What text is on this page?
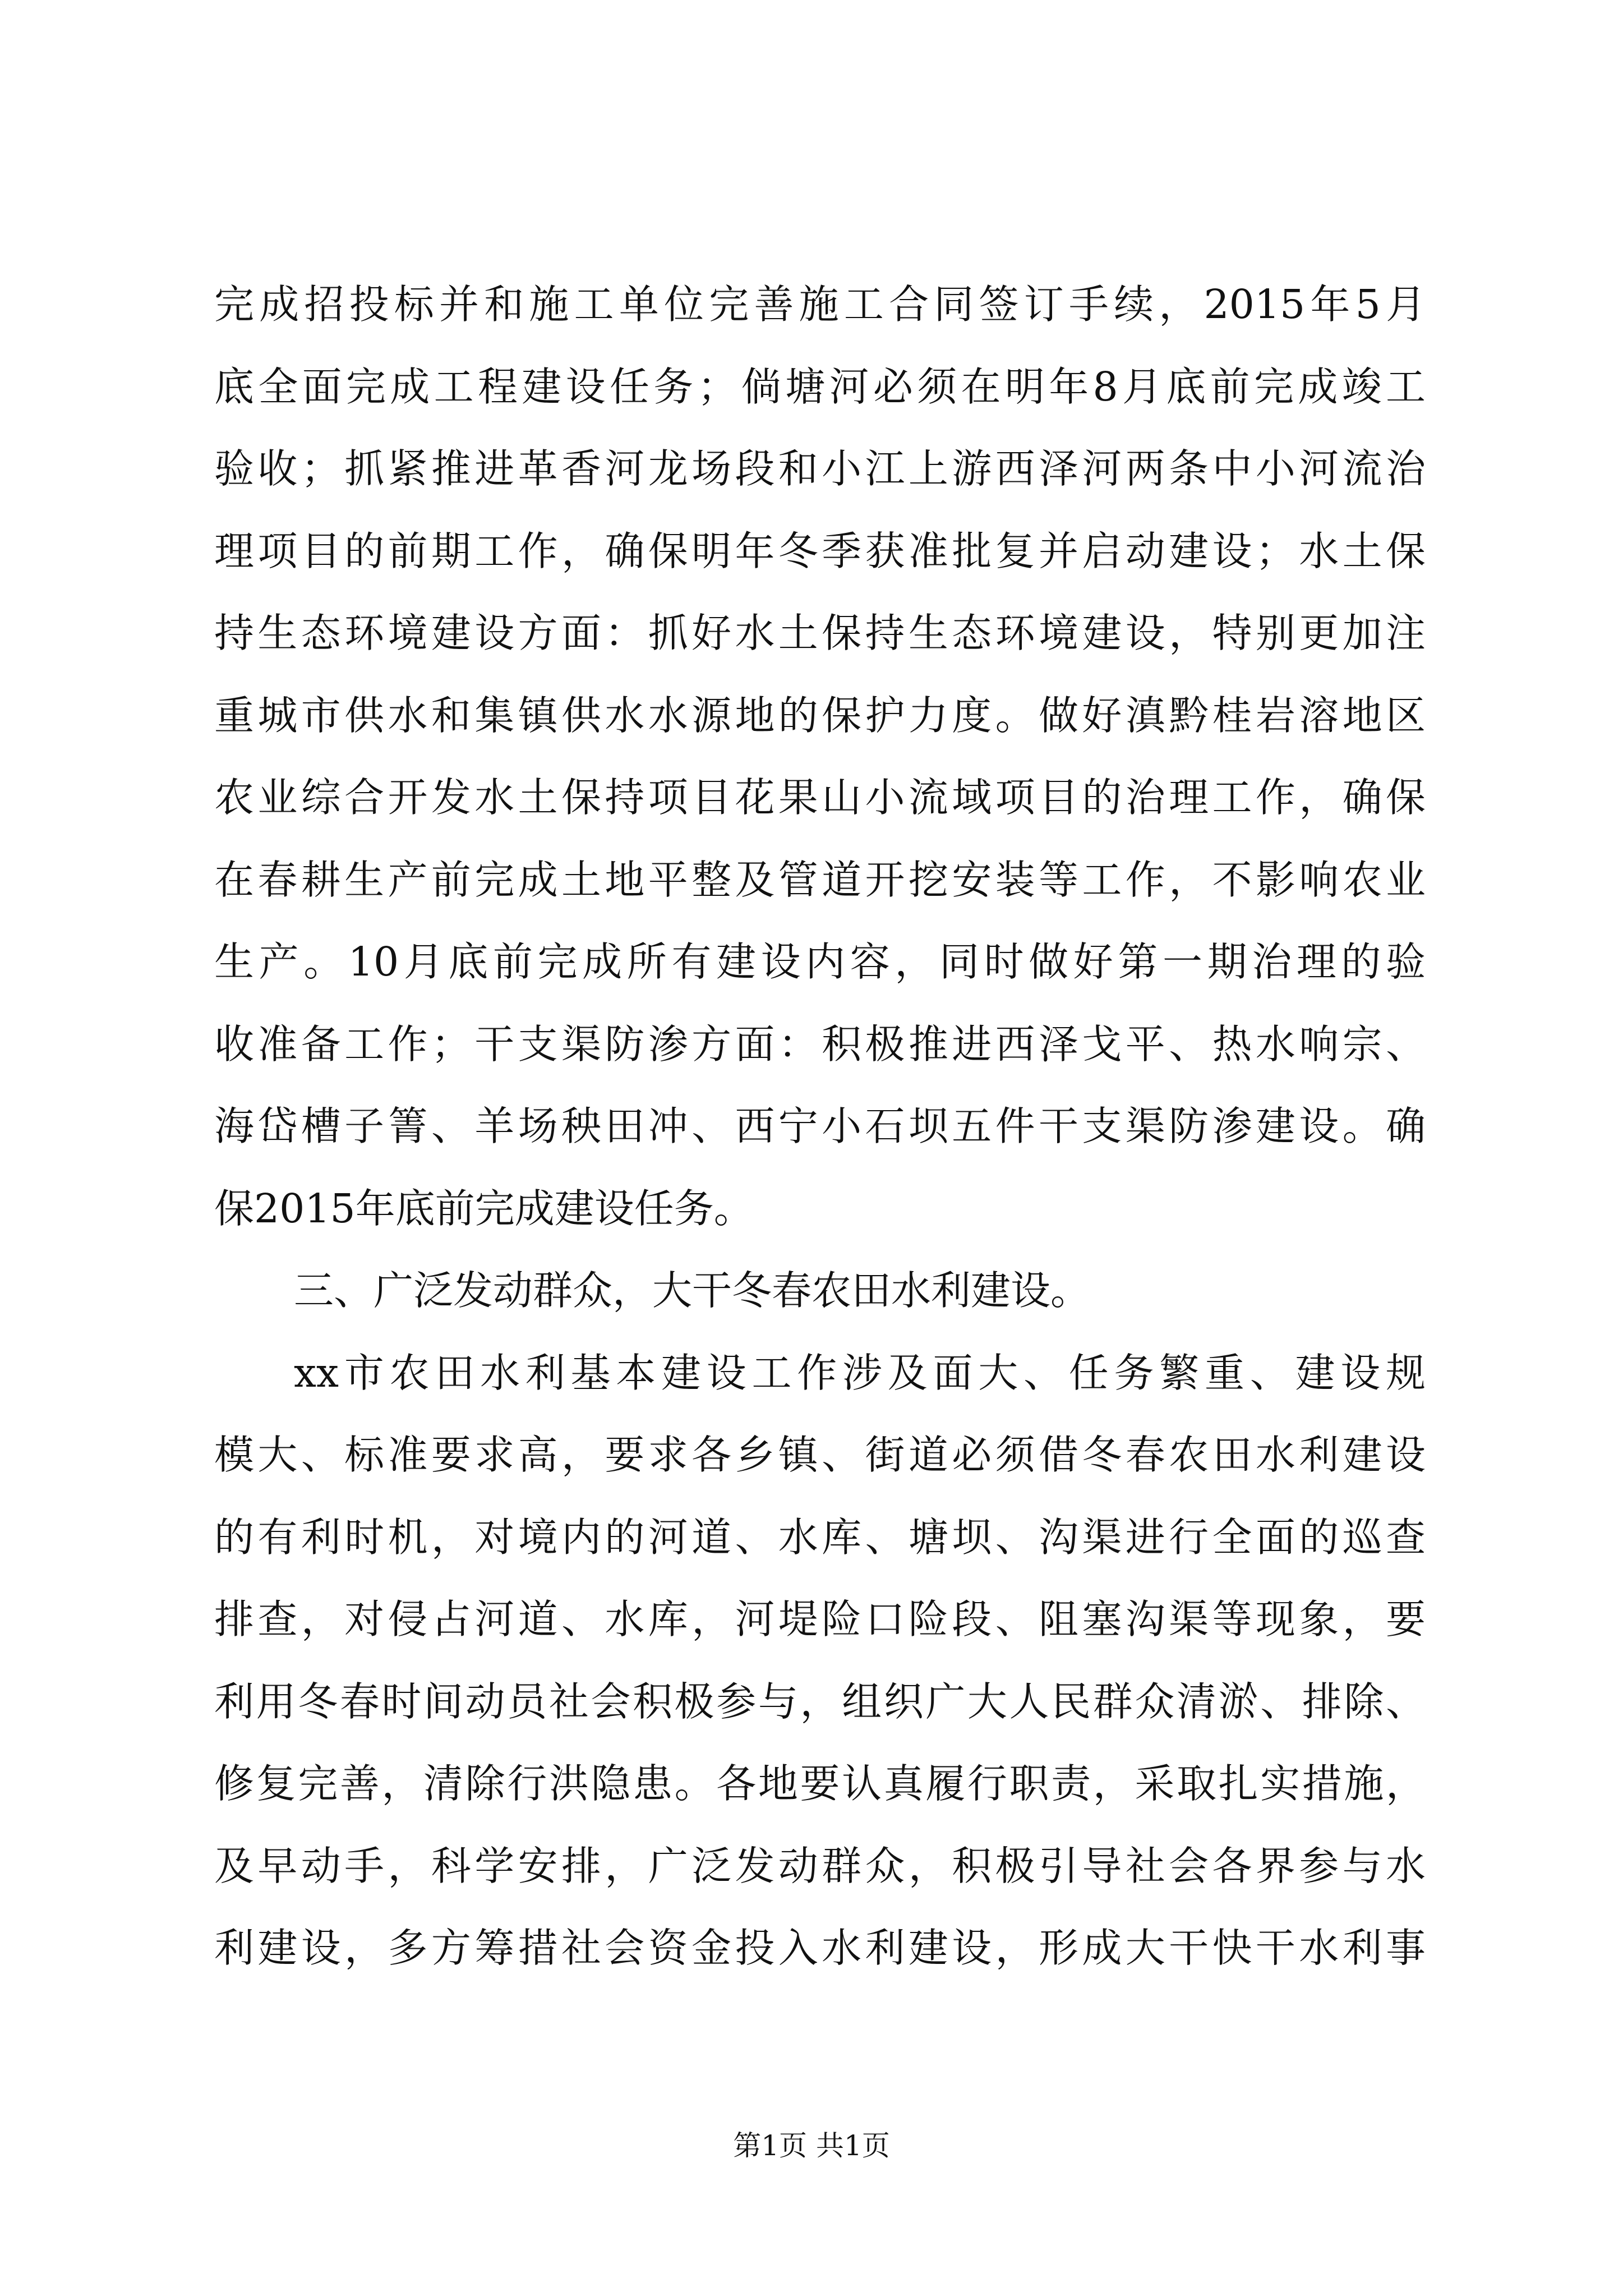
完成招投标并和施工单位完善施工合同签订手续，2015年5月
底全面完成工程建设任务；倘塘河必须在明年8月底前完成竣工
验收；抓紧推进革香河龙场段和小江上游西泽河两条中小河流治
理项目的前期工作，确保明年冬季获准批复并启动建设；水土保
持生态环境建设方面：抓好水土保持生态环境建设，特别更加注
重城市供水和集镇供水水源地的保护力度。做好滇黔桂岩溶地区
农业综合开发水土保持项目花果山小流域项目的治理工作，确保
在春耕生产前完成土地平整及管道开挖安装等工作，不影响农业
生产。10月底前完成所有建设内容，同时做好第一期治理的验
收准备工作；干支渠防渗方面：积极推进西泽戈平、热水响宗、
海岱槽子箐、羊场秧田冲、西宁小石坝五件干支渠防渗建设。确
保2015年底前完成建设任务。
三、广泛发动群众，大干冬春农田水利建设。
xx市农田水利基本建设工作涉及面大、任务繁重、建设规
模大、标准要求高，要求各乡镇、街道必须借冬春农田水利建设
的有利时机，对境内的河道、水库、塘坝、沟渠进行全面的巡查
排查，对侵占河道、水库，河堤险口险段、阻塞沟渠等现象，要
利用冬春时间动员社会积极参与，组织广大人民群众清淤、排除、
修复完善，清除行洪隐患。各地要认真履行职责，采取扎实措施，
及早动手，科学安排，广泛发动群众，积极引导社会各界参与水
利建设，多方筹措社会资金投入水利建设，形成大干快干水利事
第1页 共1页
